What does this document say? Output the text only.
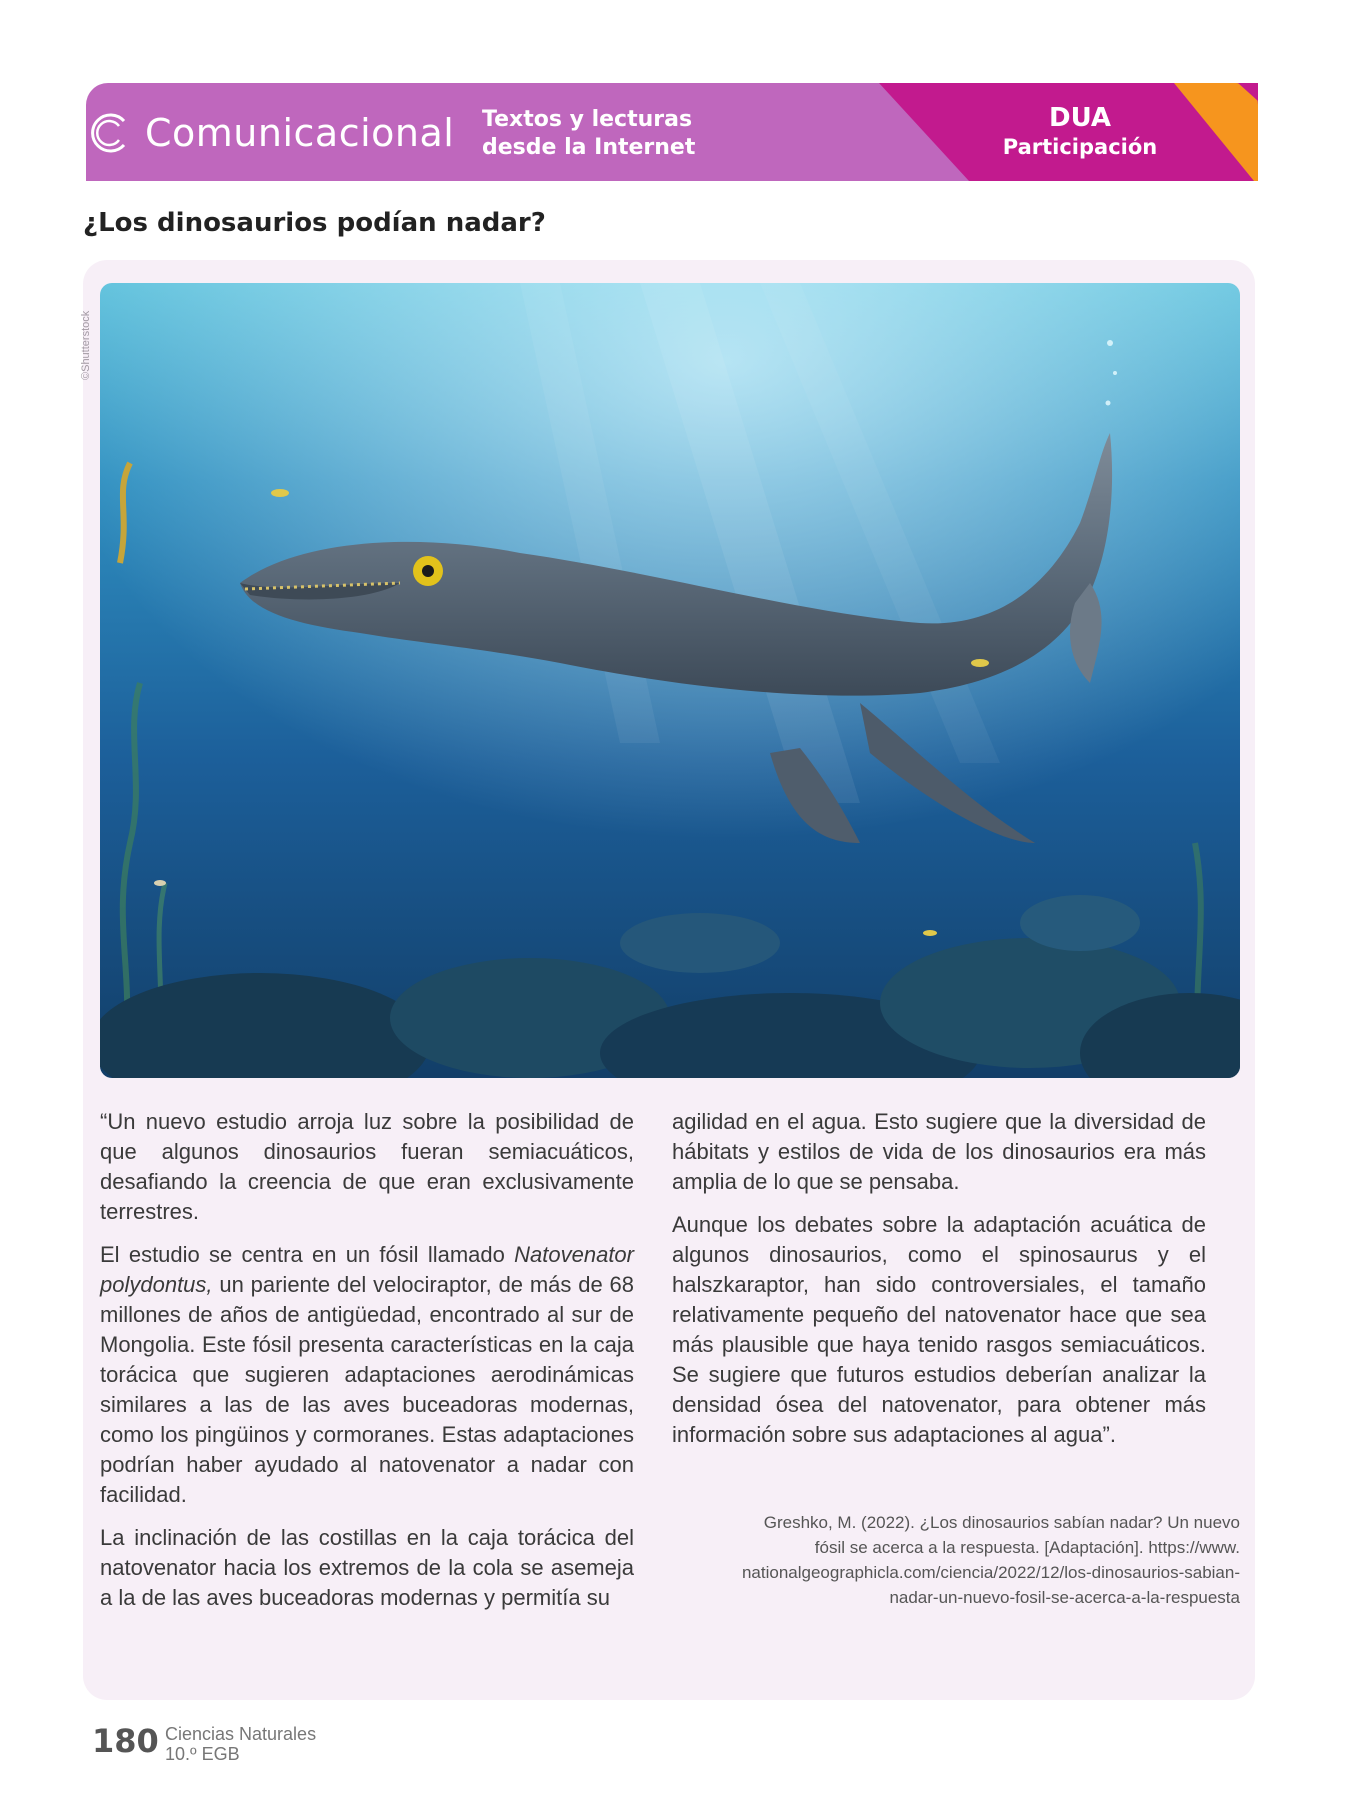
Comunicacional Textos y lecturas
desde la Internet
DUA
Participación
¿Los dinosaurios podían nadar?
©Shutterstock

“Un nuevo estudio arroja luz sobre la posibilidad de que algunos dinosaurios fueran semiacuáticos, desafiando la creencia de que eran exclusivamente terrestres.

El estudio se centra en un fósil llamado Natovenator polydontus, un pariente del velociraptor, de más de 68 millones de años de antigüedad, encontrado al sur de Mongolia. Este fósil presenta características en la caja torácica que sugieren adaptaciones aerodinámicas similares a las de las aves buceadoras modernas, como los pingüinos y cormoranes. Estas adaptaciones podrían haber ayudado al natovenator a nadar con facilidad.

La inclinación de las costillas en la caja torácica del natovenator hacia los extremos de la cola se asemeja a la de las aves buceadoras modernas y permitía su

agilidad en el agua. Esto sugiere que la diversidad de hábitats y estilos de vida de los dinosaurios era más amplia de lo que se pensaba.

Aunque los debates sobre la adaptación acuática de algunos dinosaurios, como el spinosaurus y el halszkaraptor, han sido controversiales, el tamaño relativamente pequeño del natovenator hace que sea más plausible que haya tenido rasgos semiacuáticos. Se sugiere que futuros estudios deberían analizar la densidad ósea del natovenator, para obtener más información sobre sus adaptaciones al agua”.

Greshko, M. (2022). ¿Los dinosaurios sabían nadar? Un nuevo
fósil se acerca a la respuesta. [Adaptación]. https://www.
nationalgeographicla.com/ciencia/2022/12/los-dinosaurios-sabian-
nadar-un-nuevo-fosil-se-acerca-a-la-respuesta
180 Ciencias Naturales
10.º EGB
